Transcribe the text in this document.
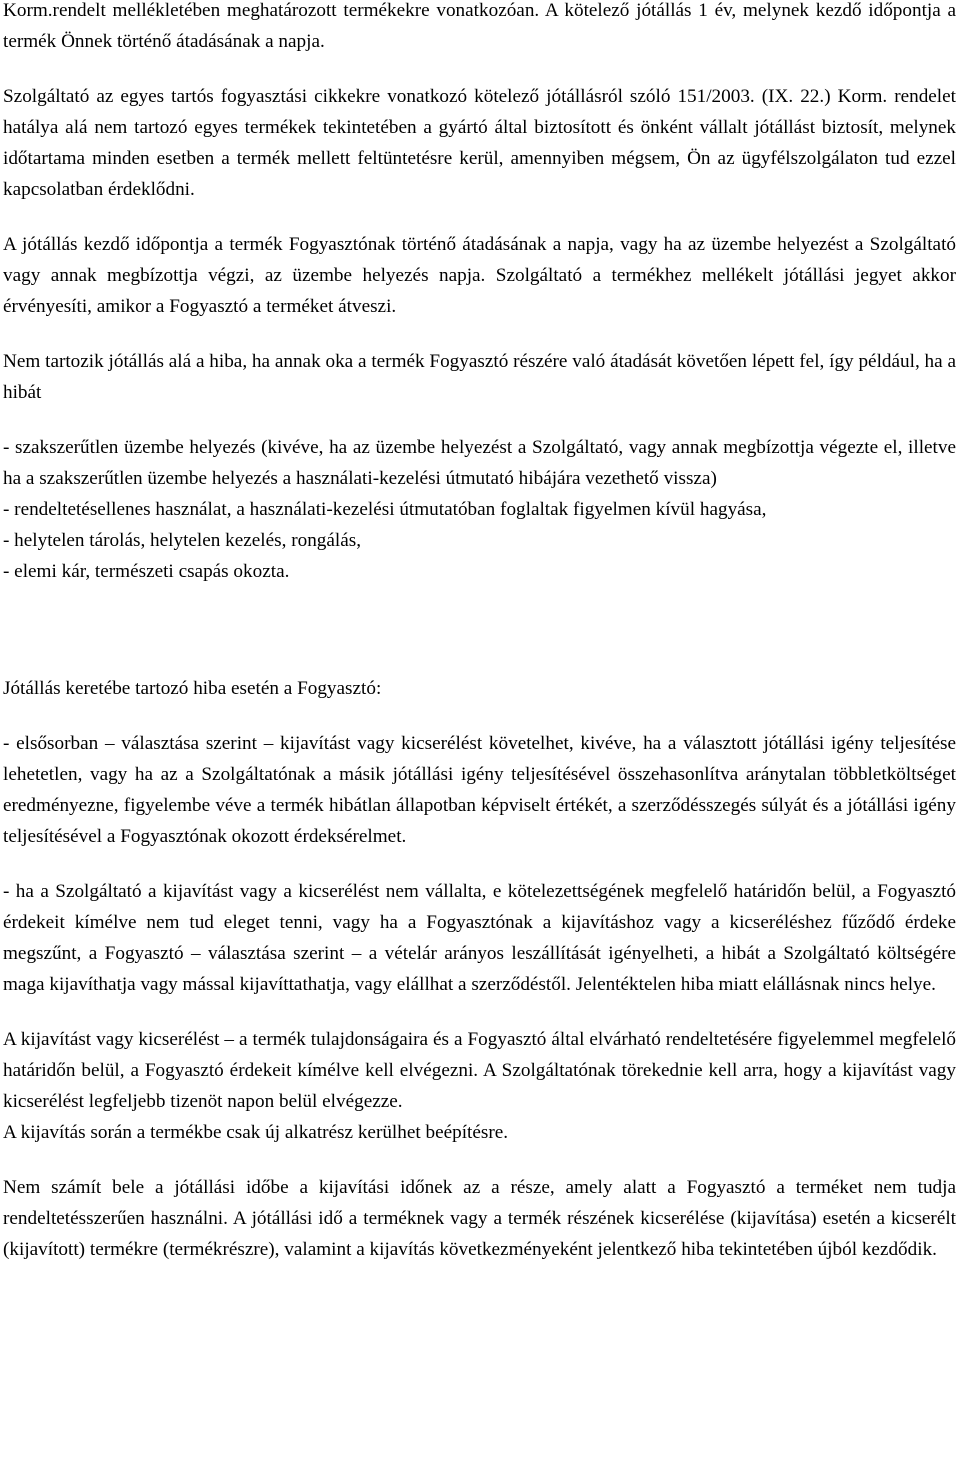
Korm.rendelt mellékletében meghatározott termékekre vonatkozóan. A kötelező jótállás 1 év, melynek kezdő időpontja a termék Önnek történő átadásának a napja.

Szolgáltató az egyes tartós fogyasztási cikkekre vonatkozó kötelező jótállásról szóló 151/2003. (IX. 22.) Korm. rendelet hatálya alá nem tartozó egyes termékek tekintetében a gyártó által biztosított és önként vállalt jótállást biztosít, melynek időtartama minden esetben a termék mellett feltüntetésre kerül, amennyiben mégsem, Ön az ügyfélszolgálaton tud ezzel kapcsolatban érdeklődni.

A jótállás kezdő időpontja a termék Fogyasztónak történő átadásának a napja, vagy ha az üzembe helyezést a Szolgáltató vagy annak megbízottja végzi, az üzembe helyezés napja. Szolgáltató a termékhez mellékelt jótállási jegyet akkor érvényesíti, amikor a Fogyasztó a terméket átveszi.

Nem tartozik jótállás alá a hiba, ha annak oka a termék Fogyasztó részére való átadását követően lépett fel, így például, ha a hibát

- szakszerűtlen üzembe helyezés (kivéve, ha az üzembe helyezést a Szolgáltató, vagy annak megbízottja végezte el, illetve ha a szakszerűtlen üzembe helyezés a használati-kezelési útmutató hibájára vezethető vissza)

- rendeltetésellenes használat, a használati-kezelési útmutatóban foglaltak figyelmen kívül hagyása,

- helytelen tárolás, helytelen kezelés, rongálás,

- elemi kár, természeti csapás okozta.

Jótállás keretébe tartozó hiba esetén a Fogyasztó:

- elsősorban – választása szerint – kijavítást vagy kicserélést követelhet, kivéve, ha a választott jótállási igény teljesítése lehetetlen, vagy ha az a Szolgáltatónak a másik jótállási igény teljesítésével összehasonlítva aránytalan többletköltséget eredményezne, figyelembe véve a termék hibátlan állapotban képviselt értékét, a szerződésszegés súlyát és a jótállási igény teljesítésével a Fogyasztónak okozott érdeksérelmet.

- ha a Szolgáltató a kijavítást vagy a kicserélést nem vállalta, e kötelezettségének megfelelő határidőn belül, a Fogyasztó érdekeit kímélve nem tud eleget tenni, vagy ha a Fogyasztónak a kijavításhoz vagy a kicseréléshez fűződő érdeke megszűnt, a Fogyasztó – választása szerint – a vételár arányos leszállítását igényelheti, a hibát a Szolgáltató költségére maga kijavíthatja vagy mással kijavíttathatja, vagy elállhat a szerződéstől. Jelentéktelen hiba miatt elállásnak nincs helye.

A kijavítást vagy kicserélést – a termék tulajdonságaira és a Fogyasztó által elvárható rendeltetésére figyelemmel megfelelő határidőn belül, a Fogyasztó érdekeit kímélve kell elvégezni. A Szolgáltatónak törekednie kell arra, hogy a kijavítást vagy kicserélést legfeljebb tizenöt napon belül elvégezze.

A kijavítás során a termékbe csak új alkatrész kerülhet beépítésre.

Nem számít bele a jótállási időbe a kijavítási időnek az a része, amely alatt a Fogyasztó a terméket nem tudja rendeltetésszerűen használni. A jótállási idő a terméknek vagy a termék részének kicserélése (kijavítása) esetén a kicserélt (kijavított) termékre (termékrészre), valamint a kijavítás következményeként jelentkező hiba tekintetében újból kezdődik.
